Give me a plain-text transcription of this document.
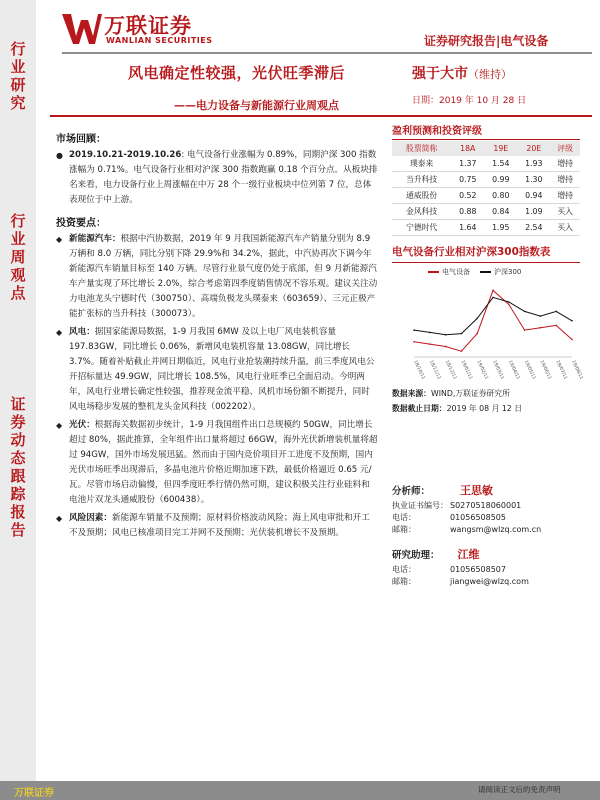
行业研究
行业周观点
证券动态跟踪报告
万联证券
WANLIAN SECURITIES	证券研究报告|电气设备
风电确定性较强，光伏旺季滞后
——电力设备与新能源行业周观点
强于大市（维持）
日期：2019 年 10 月 28 日
市场回顾：
● 2019.10.21-2019.10.26: 电气设备行业涨幅为 0.89%，同期沪深 300 指数涨幅为 0.71%。电气设备行业相对沪深 300 指数跑赢 0.18 个百分点。从板块排名来看，电力设备行业上周涨幅在中万 28 个一级行业板块中位列第 7 位，总体表现位于中上游。
投资要点：
◆ 新能源汽车：根据中汽协数据，2019 年 9 月我国新能源汽车产销量分别为 8.9 万辆和 8.0 万辆，同比分别下降 29.9%和 34.2%，据此，中汽协再次下调今年新能源汽车销量目标至 140 万辆。尽管行业景气度仍处于底部，但 9 月新能源汽车产量实现了环比增长 2.0%，综合考虑第四季度销售情况不容乐观。建议关注动力电池龙头宁德时代（300750）、高端负极龙头璞泰来（603659）、三元正极产能扩张标的当升科技（300073）。
◆ 风电：据国家能源局数据，1-9 月我国 6MW 及以上电厂风电装机容量 197.83GW，同比增长 0.06%，新增风电装机容量 13.08GW，同比增长 3.7%。随着补贴截止并网日期临近，风电行业抢装潮持续升温，前三季度风电公开招标量达 49.9GW，同比增长 108.5%，风电行业旺季已全面启动。今明两年，风电行业增长确定性较强，推荐现金流平稳、风机市场份额不断提升，同时风电场稳步发展的整机龙头金风科技（002202）。
◆ 光伏：根据海关数据初步统计，1-9 月我国组件出口总规模约 50GW，同比增长超过 80%，据此推算，全年组件出口量将超过 66GW，海外光伏新增装机量将超过 94GW，国外市场发展迅猛。然而由于国内竞价项目开工进度不及预期，国内光伏市场旺季出现滞后，多晶电池片价格近期加速下跌，最低价格逼近 0.65 元/瓦。尽管市场启动偏慢，但四季度旺季行情仍然可期，建议积极关注行业硅料和电池片双龙头通威股份（600438）。
◆ 风险因素：新能源车销量不及预期；原材料价格波动风险；海上风电审批和开工不及预期；风电已核准项目完工并网不及预期；光伏装机增长不及预期。
盈利预测和投资评级
股票简称	18A	19E	20E	评级
璞泰来	1.37	1.54	1.93	增持
当升科技	0.75	0.99	1.30	增持
通威股份	0.52	0.80	0.94	增持
金风科技	0.88	0.84	1.09	买入
宁德时代	1.64	1.95	2.54	买入
电气设备行业相对沪深300指数表
电气设备	沪深300
18/10/11 18/11/11 18/12/11 19/01/11 19/02/11 19/03/11 19/04/11 19/05/11 19/06/11 19/07/11 19/08/11
数据来源：WIND,万联证券研究所
数据截止日期：2019 年 08 月 12 日
分析师：	王思敏
执业证书编号： S0270518060001
电话：	01056508505
邮箱：	wangsm@wlzq.com.cn
研究助理： 江维
电话：	01056508507
邮箱：	jiangwei@wlzq.com
万联证券	请阅读正文后的免责声明
